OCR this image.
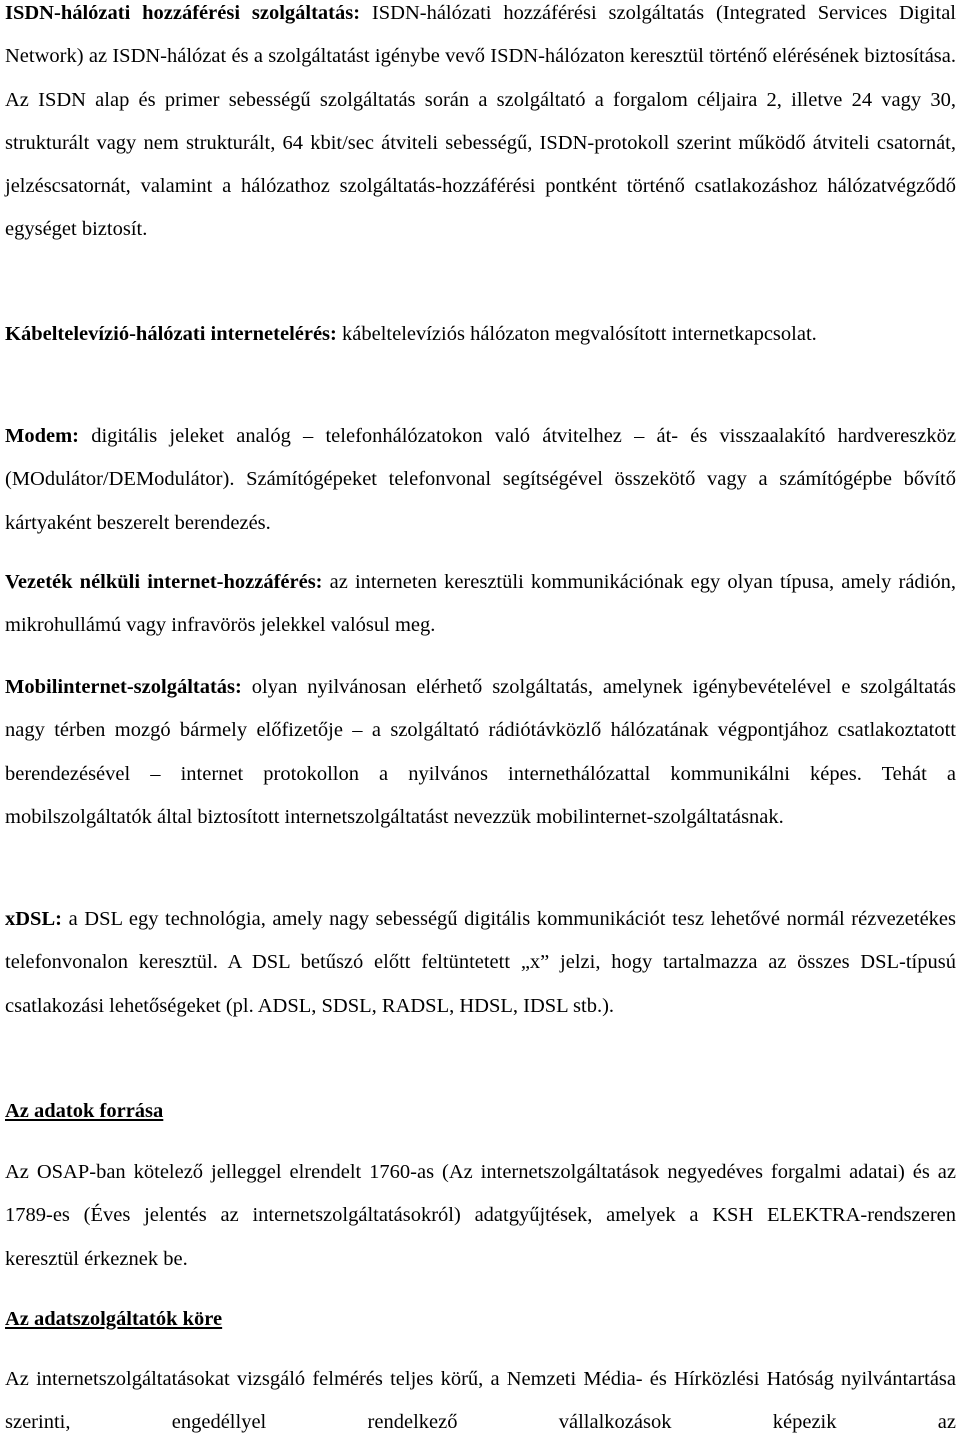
ISDN-hálózati hozzáférési szolgáltatás: ISDN-hálózati hozzáférési szolgáltatás (Integrated Services Digital Network) az ISDN-hálózat és a szolgáltatást igénybe vevő ISDN-hálózaton keresztül történő elérésének biztosítása. Az ISDN alap és primer sebességű szolgáltatás során a szolgáltató a forgalom céljaira 2, illetve 24 vagy 30, strukturált vagy nem strukturált, 64 kbit/sec átviteli sebességű, ISDN-protokoll szerint működő átviteli csatornát, jelzéscsatornát, valamint a hálózathoz szolgáltatás-hozzáférési pontként történő csatlakozáshoz hálózatvégződő egységet biztosít.

Kábeltelevízió-hálózati internetelérés: kábeltelevíziós hálózaton megvalósított internetkapcsolat.

Modem: digitális jeleket analóg – telefonhálózatokon való átvitelhez – át- és visszaalakító hardvereszköz (MOdulátor/DEModulátor). Számítógépeket telefonvonal segítségével összekötő vagy a számítógépbe bővítő kártyaként beszerelt berendezés.

Vezeték nélküli internet-hozzáférés: az interneten keresztüli kommunikációnak egy olyan típusa, amely rádión, mikrohullámú vagy infravörös jelekkel valósul meg.

Mobilinternet-szolgáltatás: olyan nyilvánosan elérhető szolgáltatás, amelynek igénybevételével e szolgáltatás nagy térben mozgó bármely előfizetője – a szolgáltató rádiótávközlő hálózatának végpontjához csatlakoztatott berendezésével – internet protokollon a nyilvános internethálózattal kommunikálni képes. Tehát a mobilszolgáltatók által biztosított internetszolgáltatást nevezzük mobilinternet-szolgáltatásnak.

xDSL: a DSL egy technológia, amely nagy sebességű digitális kommunikációt tesz lehetővé normál rézvezetékes telefonvonalon keresztül. A DSL betűszó előtt feltüntetett „x” jelzi, hogy tartalmazza az összes DSL-típusú csatlakozási lehetőségeket (pl. ADSL, SDSL, RADSL, HDSL, IDSL stb.).

Az adatok forrása

Az OSAP-ban kötelező jelleggel elrendelt 1760-as (Az internetszolgáltatások negyedéves forgalmi adatai) és az 1789-es (Éves jelentés az internetszolgáltatásokról) adatgyűjtések, amelyek a KSH ELEKTRA-rendszeren keresztül érkeznek be.

Az adatszolgáltatók köre

Az internetszolgáltatásokat vizsgáló felmérés teljes körű, a Nemzeti Média- és Hírközlési Hatóság nyilvántartása szerinti, engedéllyel rendelkező vállalkozások képezik az
